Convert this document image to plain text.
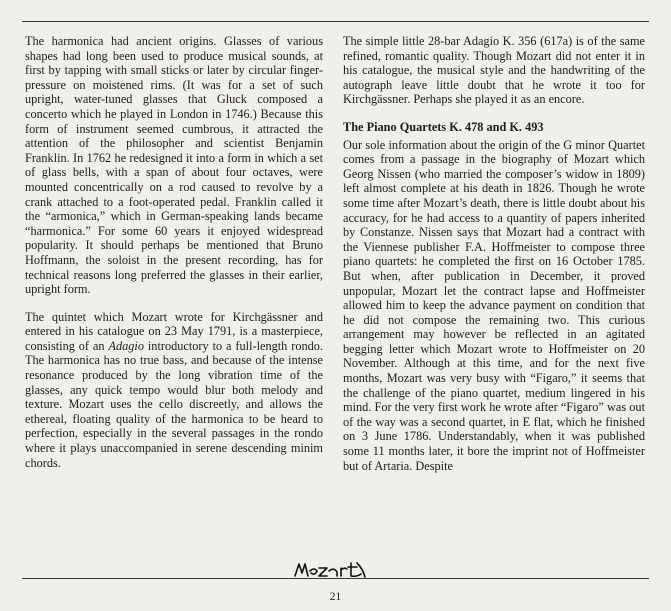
The harmonica had ancient origins. Glasses of various shapes had long been used to produce musical sounds, at first by tapping with small sticks or later by circular finger-pressure on moistened rims. (It was for a set of such upright, water-tuned glasses that Gluck composed a concerto which he played in London in 1746.) Because this form of instrument seemed cumbrous, it attracted the attention of the philosopher and scientist Benjamin Franklin. In 1762 he redesigned it into a form in which a set of glass bells, with a span of about four octaves, were mounted concentrically on a rod caused to revolve by a crank attached to a foot-operated pedal. Franklin called it the “armonica,” which in German-speaking lands became “harmonica.” For some 60 years it enjoyed widespread popularity. It should perhaps be mentioned that Bruno Hoffmann, the soloist in the present recording, has for technical reasons long preferred the glasses in their earlier, upright form.

The quintet which Mozart wrote for Kirchgässner and entered in his catalogue on 23 May 1791, is a masterpiece, consisting of an Adagio introductory to a full-length rondo. The harmonica has no true bass, and because of the intense resonance produced by the long vibration time of the glasses, any quick tempo would blur both melody and texture. Mozart uses the cello discreetly, and allows the ethereal, floating quality of the harmonica to be heard to perfection, especially in the several passages in the rondo where it plays unaccompanied in serene descending minim chords.

The simple little 28-bar Adagio K. 356 (617a) is of the same refined, romantic quality. Though Mozart did not enter it in his catalogue, the musical style and the handwriting of the autograph leave little doubt that he wrote it too for Kirchgässner. Perhaps she played it as an encore.

The Piano Quartets K. 478 and K. 493

Our sole information about the origin of the G minor Quartet comes from a passage in the biography of Mozart which Georg Nissen (who married the composer’s widow in 1809) left almost complete at his death in 1826. Though he wrote some time after Mozart’s death, there is little doubt about his accuracy, for he had access to a quantity of papers inherited by Constanze. Nissen says that Mozart had a contract with the Viennese publisher F.A. Hoffmeister to compose three piano quartets: he completed the first on 16 October 1785. But when, after publication in December, it proved unpopular, Mozart let the contract lapse and Hoffmeister allowed him to keep the advance payment on condition that he did not compose the remaining two. This curious arrangement may however be reflected in an agitated begging letter which Mozart wrote to Hoffmeister on 20 November. Although at this time, and for the next five months, Mozart was very busy with “Figaro,” it seems that the challenge of the piano quartet, medium lingered in his mind. For the very first work he wrote after “Figaro” was out of the way was a second quartet, in E flat, which he finished on 3 June 1786. Understandably, when it was published some 11 months later, it bore the imprint not of Hoffmeister but of Artaria. Despite

21
